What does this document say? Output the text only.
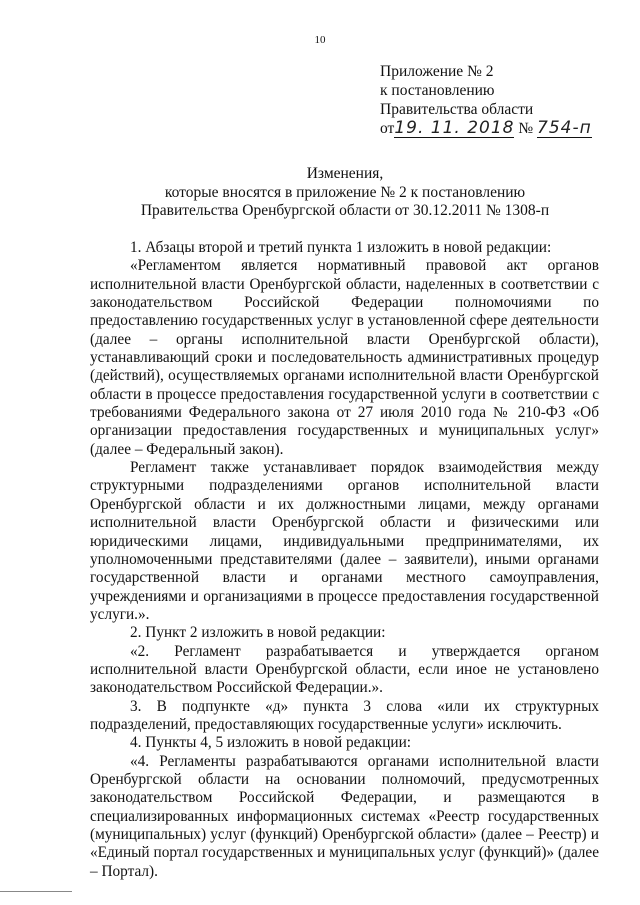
10
Приложение № 2
к постановлению
Правительства области
от19. 11. 2018 № 754-п
Изменения,
которые вносятся в приложение № 2 к постановлению
Правительства Оренбургской области от 30.12.2011 № 1308-п

1. Абзацы второй и третий пункта 1 изложить в новой редакции:

«Регламентом является нормативный правовой акт органов исполнительной власти Оренбургской области, наделенных в соответствии с законодательством Российской Федерации полномочиями по предоставлению государственных услуг в установленной сфере деятельности (далее – органы исполнительной власти Оренбургской области), устанавливающий сроки и последовательность административных процедур (действий), осуществляемых органами исполнительной власти Оренбургской области в процессе предоставления государственной услуги в соответствии с требованиями Федерального закона от 27 июля 2010 года № 210-ФЗ «Об организации предоставления государственных и муниципальных услуг» (далее – Федеральный закон).

Регламент также устанавливает порядок взаимодействия между структурными подразделениями органов исполнительной власти Оренбургской области и их должностными лицами, между органами исполнительной власти Оренбургской области и физическими или юридическими лицами, индивидуальными предпринимателями, их уполномоченными представителями (далее – заявители), иными органами государственной власти и органами местного самоуправления, учреждениями и организациями в процессе предоставления государственной услуги.».

2. Пункт 2 изложить в новой редакции:

«2. Регламент разрабатывается и утверждается органом исполнительной власти Оренбургской области, если иное не установлено законодательством Российской Федерации.».

3. В подпункте «д» пункта 3 слова «или их структурных подразделений, предоставляющих государственные услуги» исключить.

4. Пункты 4, 5 изложить в новой редакции:

«4. Регламенты разрабатываются органами исполнительной власти Оренбургской области на основании полномочий, предусмотренных законодательством Российской Федерации, и размещаются в специализированных информационных системах «Реестр государственных (муниципальных) услуг (функций) Оренбургской области» (далее – Реестр) и «Единый портал государственных и муниципальных услуг (функций)» (далее – Портал).
